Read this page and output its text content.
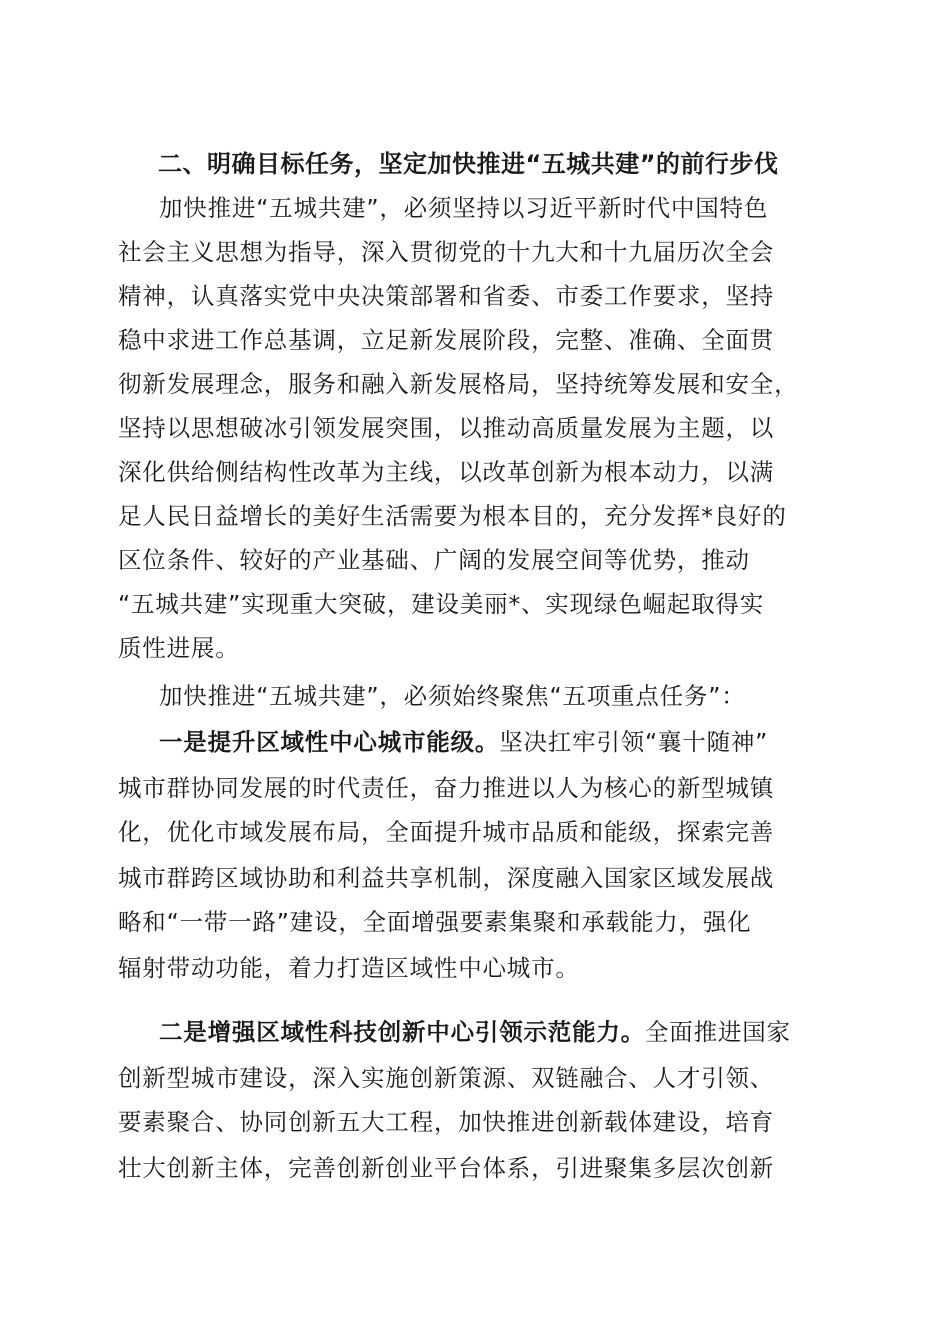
二、明确目标任务，坚定加快推进“五城共建”的前行步伐
加快推进“五城共建”，必须坚持以习近平新时代中国特色
社会主义思想为指导，深入贯彻党的十九大和十九届历次全会
精神，认真落实党中央决策部署和省委、市委工作要求，坚持
稳中求进工作总基调，立足新发展阶段，完整、准确、全面贯
彻新发展理念，服务和融入新发展格局，坚持统筹发展和安全，
坚持以思想破冰引领发展突围，以推动高质量发展为主题，以
深化供给侧结构性改革为主线，以改革创新为根本动力，以满
足人民日益增长的美好生活需要为根本目的，充分发挥*良好的
区位条件、较好的产业基础、广阔的发展空间等优势，推动
“五城共建”实现重大突破，建设美丽*、实现绿色崛起取得实
质性进展。
加快推进“五城共建”，必须始终聚焦“五项重点任务”：
一是提升区域性中心城市能级。坚决扛牢引领“襄十随神”
城市群协同发展的时代责任，奋力推进以人为核心的新型城镇
化，优化市域发展布局，全面提升城市品质和能级，探索完善
城市群跨区域协助和利益共享机制，深度融入国家区域发展战
略和“一带一路”建设，全面增强要素集聚和承载能力，强化
辐射带动功能，着力打造区域性中心城市。
二是增强区域性科技创新中心引领示范能力。全面推进国家
创新型城市建设，深入实施创新策源、双链融合、人才引领、
要素聚合、协同创新五大工程，加快推进创新载体建设，培育
壮大创新主体，完善创新创业平台体系，引进聚集多层次创新
